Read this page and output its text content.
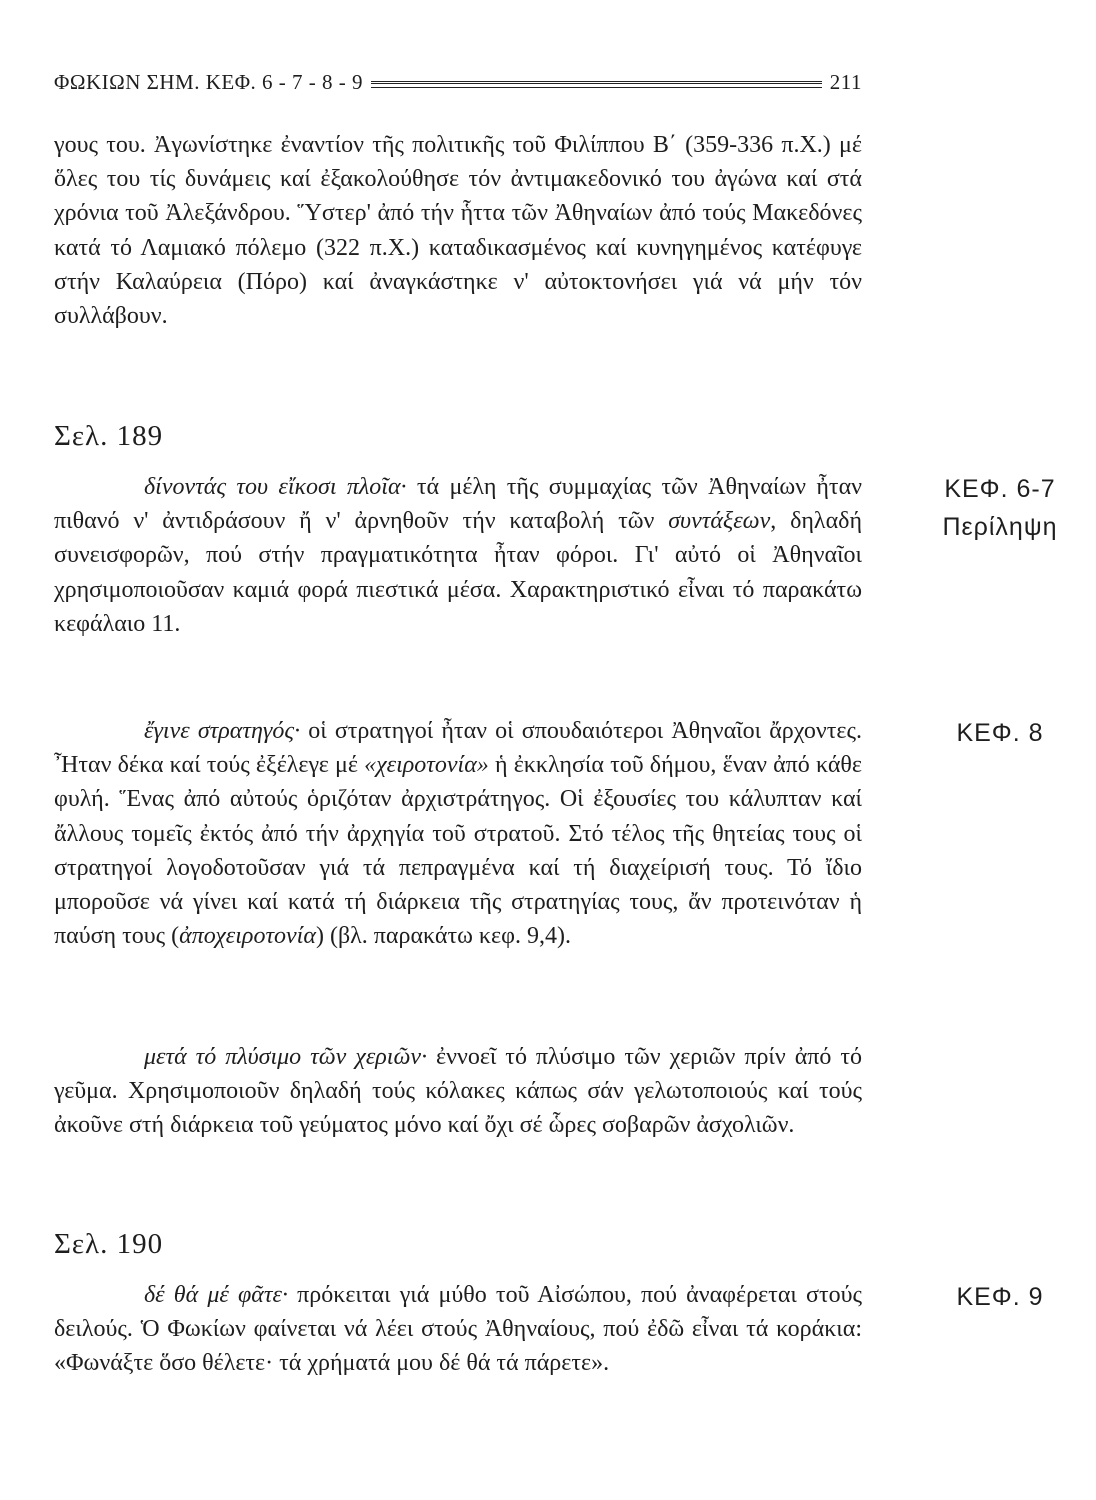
ΦΩΚΙΩΝ ΣΗΜ. ΚΕΦ. 6 - 7 - 8 - 9	211

γους του. Ἀγωνίστηκε ἐναντίον τῆς πολιτικῆς τοῦ Φιλίππου Β΄ (359-336 π.Χ.) μέ ὅλες του τίς δυνάμεις καί ἐξακολούθησε τόν ἀντιμακεδονικό του ἀγώνα καί στά χρόνια τοῦ Ἀλεξάνδρου. Ὕστερ' ἀπό τήν ἧττα τῶν Ἀθηναίων ἀπό τούς Μακεδόνες κατά τό Λαμιακό πόλεμο (322 π.Χ.) καταδικασμένος καί κυνηγημένος κατέφυγε στήν Καλαύρεια (Πόρο) καί ἀναγκάστηκε ν' αὐτοκτονήσει γιά νά μήν τόν συλλάβουν.

Σελ. 189

δίνοντάς του εἴκοσι πλοῖα· τά μέλη τῆς συμμαχίας τῶν Ἀθηναίων ἦταν πιθανό ν' ἀντιδράσουν ἤ ν' ἀρνηθοῦν τήν καταβολή τῶν συντάξεων, δηλαδή συνεισφορῶν, πού στήν πραγματικότητα ἦταν φόροι. Γι' αὐτό οἱ Ἀθηναῖοι χρησιμοποιοῦσαν καμιά φορά πιεστικά μέσα. Χαρακτηριστικό εἶναι τό παρακάτω κεφάλαιο 11.

ἔγινε στρατηγός· οἱ στρατηγοί ἦταν οἱ σπουδαιότεροι Ἀθηναῖοι ἄρχοντες. Ἦταν δέκα καί τούς ἐξέλεγε μέ «χειροτονία» ἡ ἐκκλησία τοῦ δήμου, ἕναν ἀπό κάθε φυλή. Ἕνας ἀπό αὐτούς ὁριζόταν ἀρχιστράτηγος. Οἱ ἐξουσίες του κάλυπταν καί ἄλλους τομεῖς ἐκτός ἀπό τήν ἀρχηγία τοῦ στρατοῦ. Στό τέλος τῆς θητείας τους οἱ στρατηγοί λογοδοτοῦσαν γιά τά πεπραγμένα καί τή διαχείρισή τους. Τό ἴδιο μποροῦσε νά γίνει καί κατά τή διάρκεια τῆς στρατηγίας τους, ἄν προτεινόταν ἡ παύση τους (ἀποχειροτονία) (βλ. παρακάτω κεφ. 9,4).

μετά τό πλύσιμο τῶν χεριῶν· ἐννοεῖ τό πλύσιμο τῶν χεριῶν πρίν ἀπό τό γεῦμα. Χρησιμοποιοῦν δηλαδή τούς κόλακες κάπως σάν γελωτοποιούς καί τούς ἀκοῦνε στή διάρκεια τοῦ γεύματος μόνο καί ὄχι σέ ὧρες σοβαρῶν ἀσχολιῶν.

Σελ. 190

δέ θά μέ φᾶτε· πρόκειται γιά μύθο τοῦ Αἰσώπου, πού ἀναφέρεται στούς δειλούς. Ὁ Φωκίων φαίνεται νά λέει στούς Ἀθηναίους, πού ἐδῶ εἶναι τά κοράκια: «Φωνάξτε ὅσο θέλετε· τά χρήματά μου δέ θά τά πάρετε».

ΚΕΦ. 6-7
Περίληψη
ΚΕΦ. 8
ΚΕΦ. 9
